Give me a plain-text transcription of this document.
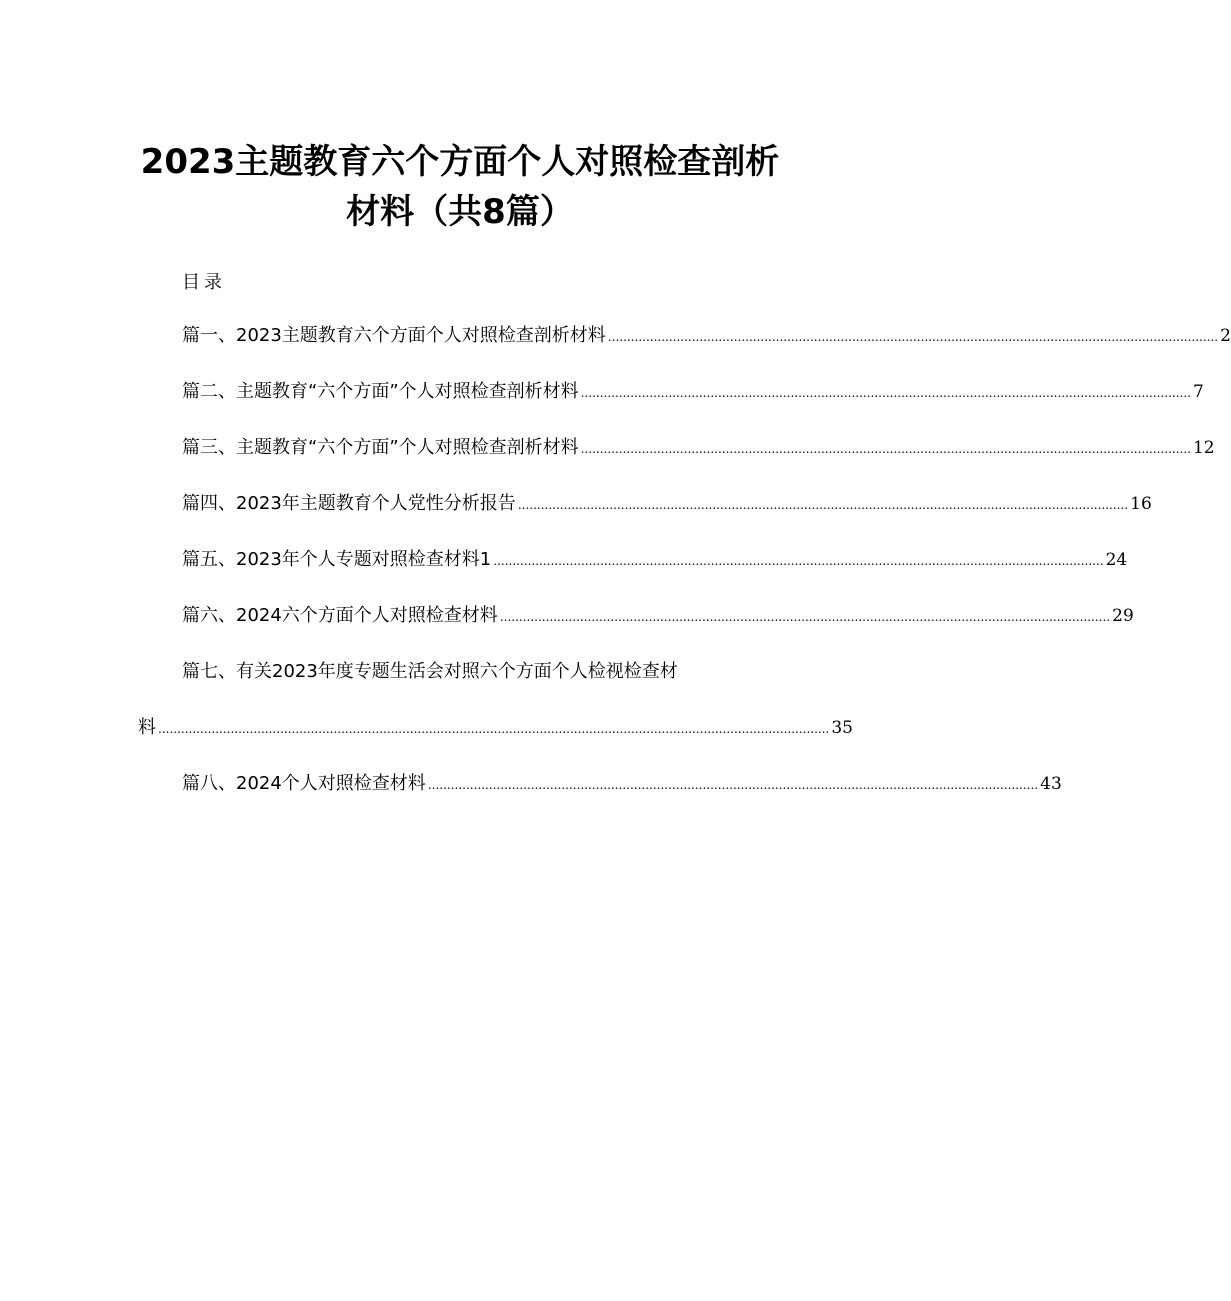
2023主题教育六个方面个人对照检查剖析
材料（共8篇）
目录
篇一、2023主题教育六个方面个人对照检查剖析材料 ................................................................................................................................................................ 2
篇二、主题教育“六个方面”个人对照检查剖析材料 ................................................................................................................................................................ 7
篇三、主题教育“六个方面”个人对照检查剖析材料 ................................................................................................................................................................ 12
篇四、2023年主题教育个人党性分析报告 ................................................................................................................................................................ 16
篇五、2023年个人专题对照检查材料1 ................................................................................................................................................................ 24
篇六、2024六个方面个人对照检查材料 ................................................................................................................................................................ 29
篇七、有关2023年度专题生活会对照六个方面个人检视检查材
料 ................................................................................................................................................................................ 35
篇八、2024个人对照检查材料 ................................................................................................................................................................ 43
